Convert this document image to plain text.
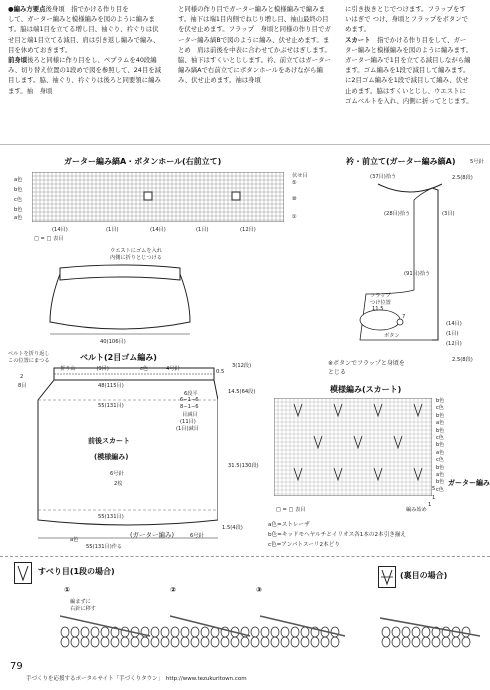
●編み方要点後身頃　指でかける作り目を

して、ガーター編みと模様編みを図のように編みます。脇は端1目を立てる増し目、袖ぐり、衿ぐりは伏せ目と端1目立てる減目、肩は引き返し編みで編み、目を休めておきます。

前身頃後ろと同様に作り目をし、ペプラムを40段編み、切り替え位置の1段めで図を参照して、24目を減目します。脇、袖ぐり、衿ぐりは後ろと同要領に編みます。袖　身頃

と同様の作り目でガーター編みと模様編みで編みます。袖下は端1目内側でねじり増し目、袖山最終の目を伏せ止めます。フラップ　身頃と同様の作り目でガーター編み縞Bで図のように編み、伏せ止めます。まとめ　肩は前後を中表に合わせてかぶせはぎします。脇、袖下はすくいとじします。衿、前立てはガーター編み縞Aで右前立てにボタンホールをあけながら編み、伏せ止めます。袖は身頃

に引き抜きとじでつけます。フラップをす
いはぎで つけ、身頃とフラップをボタンで
めます。
スカート　 指でかける作り目をして、ガー
ター編みと模様編みを図のように編みます。
ガーター編みで1目を立てる減目しながら編
ます。ゴム編みを1段で減目して編みます。
に2目ゴム編みを1段で減目して編み、伏せ
止めます。脇はすくいとじし、ウエストに
ゴムベルトを入れ、内側に折ってとじます。
ガーター編み縞A・ボタンホール(右前立て)
a色
b色
c色
b色
a色
伏せ目
⑤
⑩
①
(14目)	(1目)	(14目)	(1目)	(12目)
□ = □ 表目
ウエストにゴムを入れ
内側に折りとじつける
40(106目)
ベルトを折り返し
この位置にまつる	ベルト(2目ゴム編み)
折り山	−(9目)−	c色	4号針
2
8目	48(115目)
55(131目)
前後スカート
(模様編み)
6号針
2枚
55(131目)
(ガーター編み)	6号針
a色
55(131目)作る
0.5
3(12段)
14.5(64段)
31.5(130段)
1.5(4段)
6段平
6−1−6
8−1−6
目減目
(11目)
(1目)減目
衿・前立て(ガーター編み縞A)	5号針
(37目)拾う	2.5(8段)
(28目)拾う	(3目)
(91目)拾う
フラップ
つけ位置
11.5
7
ボタン
(14目)
(1目)
(12目)
2.5(8段)
※ボタンでフラップと身頃を
とじる
模様編み(スカート)
b色
c色
b色
a色
b色
c色
b色
a色
c色
b色
a色
b色
c色
ガーター編み
5
1
1
□ = □ 表目	編み始め
a色=ストレーザ
b色=キッドモヘヤルチとイリオス各1本の2本引き揃え
c色=アンバトスーリ2本どり
すべり目(1段の場合)
①	②	③
編まずに
右針に移す
(裏目の場合)
79
手づくりを応援するポータルサイト「手づくりタウン」　http://www.tezukuritown.com
